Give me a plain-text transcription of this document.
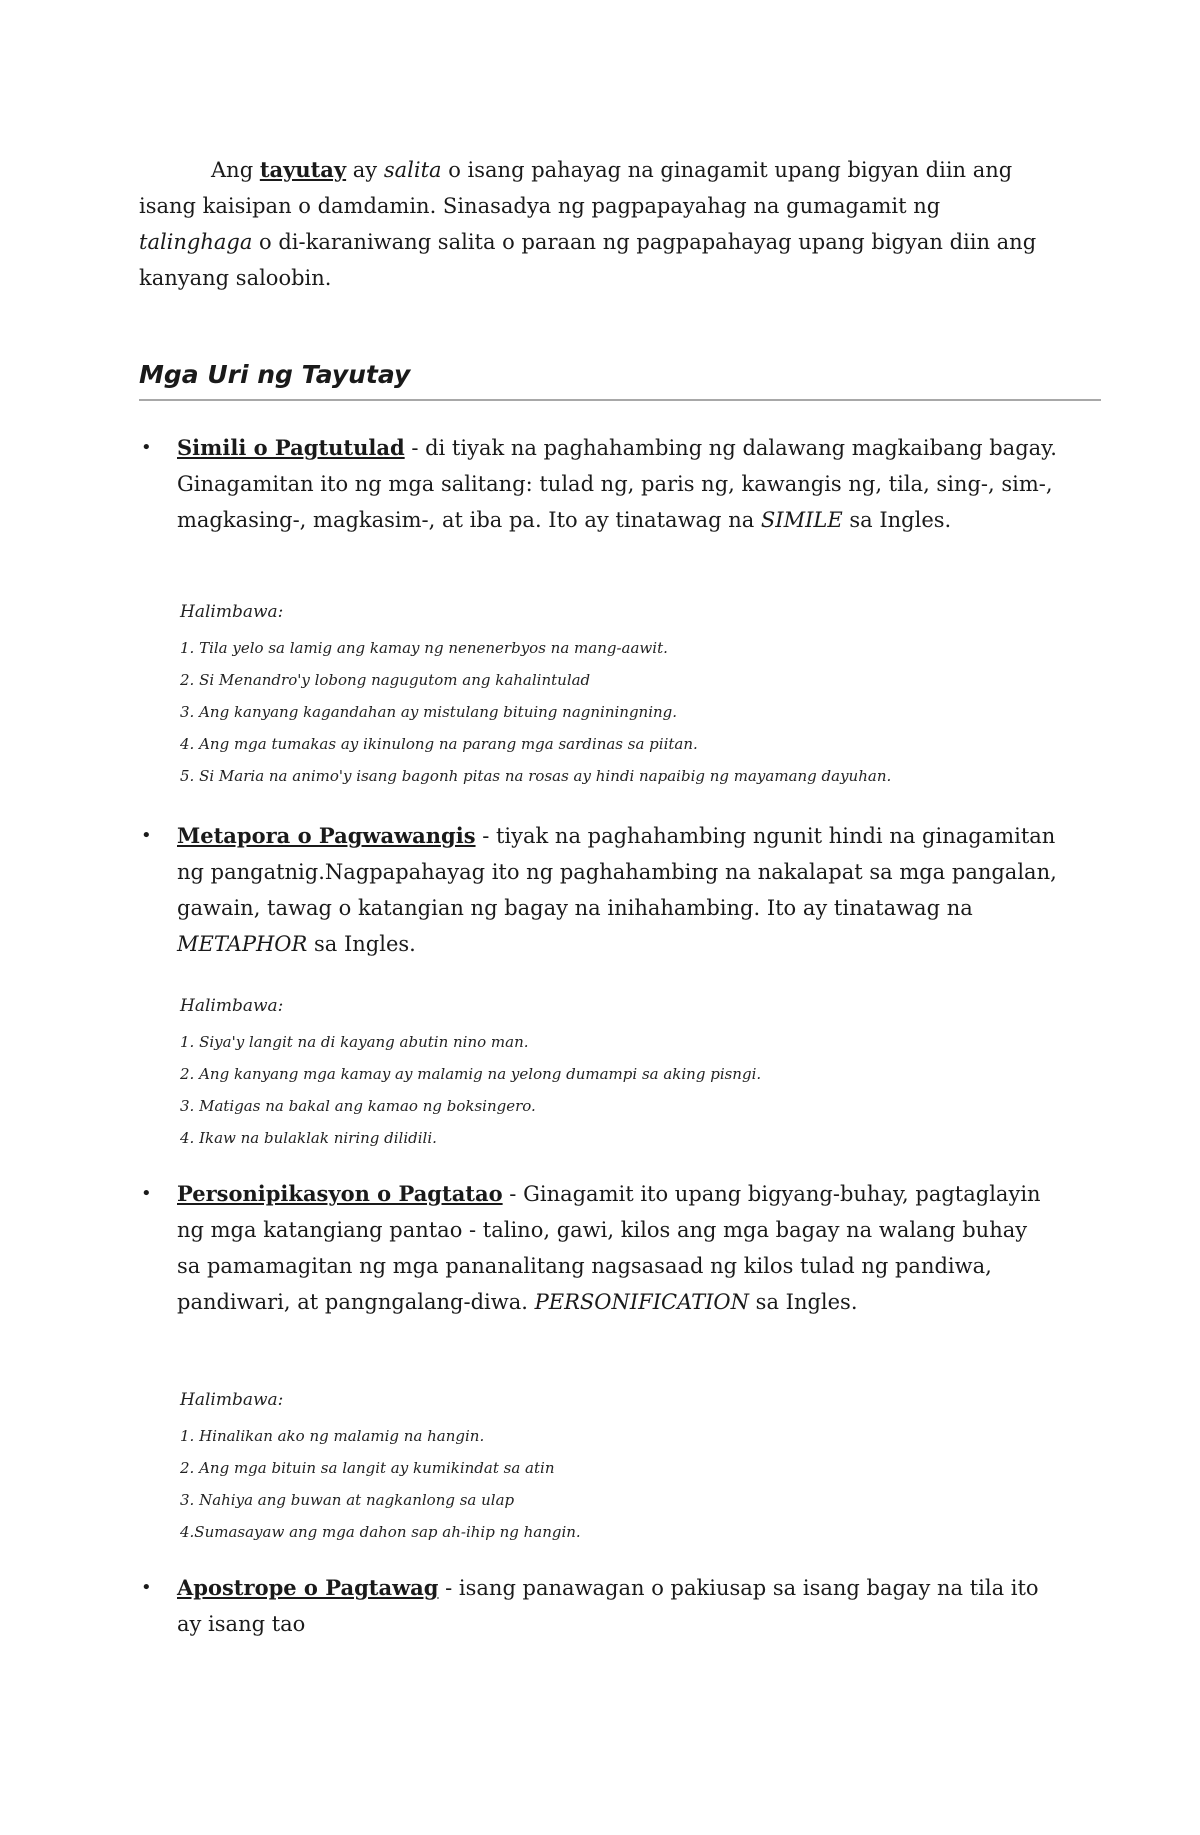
Ang tayutay ay salita o isang pahayag na ginagamit upang bigyan diin ang isang kaisipan o damdamin. Sinasadya ng pagpapayahag na gumagamit ng talinghaga o di-karaniwang salita o paraan ng pagpapahayag upang bigyan diin ang kanyang saloobin.

Mga Uri ng Tayutay
• Simili o Pagtutulad - di tiyak na paghahambing ng dalawang magkaibang bagay. Ginagamitan ito ng mga salitang: tulad ng, paris ng, kawangis ng, tila, sing-, sim-, magkasing-, magkasim-, at iba pa. Ito ay tinatawag na SIMILE sa Ingles.
Halimbawa:
1. Tila yelo sa lamig ang kamay ng nenenerbyos na mang-aawit.
2. Si Menandro'y lobong nagugutom ang kahalintulad
3. Ang kanyang kagandahan ay mistulang bituing nagniningning.
4. Ang mga tumakas ay ikinulong na parang mga sardinas sa piitan.
5. Si Maria na animo'y isang bagonh pitas na rosas ay hindi napaibig ng mayamang dayuhan.
• Metapora o Pagwawangis - tiyak na paghahambing ngunit hindi na ginagamitan ng pangatnig.Nagpapahayag ito ng paghahambing na nakalapat sa mga pangalan, gawain, tawag o katangian ng bagay na inihahambing. Ito ay tinatawag na METAPHOR sa Ingles.
Halimbawa:
1. Siya'y langit na di kayang abutin nino man.
2. Ang kanyang mga kamay ay malamig na yelong dumampi sa aking pisngi.
3. Matigas na bakal ang kamao ng boksingero.
4. Ikaw na bulaklak niring dilidili.
• Personipikasyon o Pagtatao - Ginagamit ito upang bigyang-buhay, pagtaglayin ng mga katangiang pantao - talino, gawi, kilos ang mga bagay na walang buhay sa pamamagitan ng mga pananalitang nagsasaad ng kilos tulad ng pandiwa, pandiwari, at pangngalang-diwa. PERSONIFICATION sa Ingles.
Halimbawa:
1. Hinalikan ako ng malamig na hangin.
2. Ang mga bituin sa langit ay kumikindat sa atin
3. Nahiya ang buwan at nagkanlong sa ulap
4.Sumasayaw ang mga dahon sap ah-ihip ng hangin.
• Apostrope o Pagtawag - isang panawagan o pakiusap sa isang bagay na tila ito ay isang tao
